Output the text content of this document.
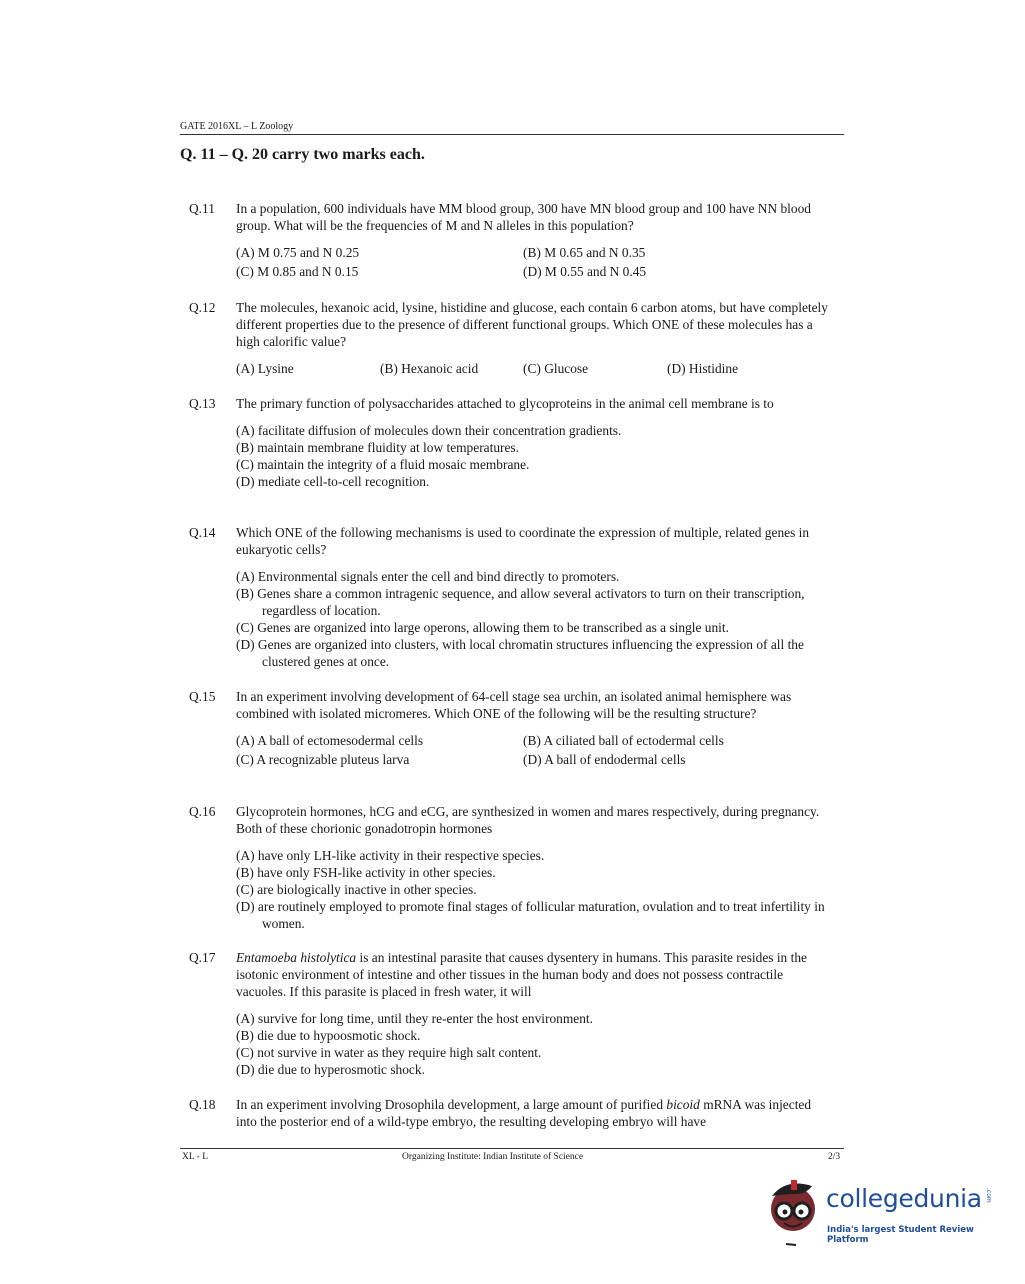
GATE 2016XL – L Zoology
Q. 11 – Q. 20 carry two marks each.
Q.11	In a population, 600 individuals have MM blood group, 300 have MN blood group and 100 have NN blood group. What will be the frequencies of M and N alleles in this population?

(A) M 0.75 and N 0.25	(B) M 0.65 and N 0.35
(C) M 0.85 and N 0.15	(D) M 0.55 and N 0.45
Q.12	The molecules, hexanoic acid, lysine, histidine and glucose, each contain 6 carbon atoms, but have completely different properties due to the presence of different functional groups. Which ONE of these molecules has a high calorific value?

(A) Lysine	(B) Hexanoic acid	(C) Glucose	(D) Histidine
Q.13	The primary function of polysaccharides attached to glycoproteins in the animal cell membrane is to

(A) facilitate diffusion of molecules down their concentration gradients.
(B) maintain membrane fluidity at low temperatures.
(C) maintain the integrity of a fluid mosaic membrane.
(D) mediate cell-to-cell recognition.
Q.14	Which ONE of the following mechanisms is used to coordinate the expression of multiple, related genes in eukaryotic cells?

(A) Environmental signals enter the cell and bind directly to promoters.
(B) Genes share a common intragenic sequence, and allow several activators to turn on their transcription, regardless of location.
(C) Genes are organized into large operons, allowing them to be transcribed as a single unit.
(D) Genes are organized into clusters, with local chromatin structures influencing the expression of all the clustered genes at once.
Q.15	In an experiment involving development of 64-cell stage sea urchin, an isolated animal hemisphere was combined with isolated micromeres. Which ONE of the following will be the resulting structure?

(A) A ball of ectomesodermal cells	(B) A ciliated ball of ectodermal cells
(C) A recognizable pluteus larva	(D) A ball of endodermal cells
Q.16	Glycoprotein hormones, hCG and eCG, are synthesized in women and mares respectively, during pregnancy. Both of these chorionic gonadotropin hormones

(A) have only LH-like activity in their respective species.
(B) have only FSH-like activity in other species.
(C) are biologically inactive in other species.
(D) are routinely employed to promote final stages of follicular maturation, ovulation and to treat infertility in women.
Q.17	Entamoeba histolytica is an intestinal parasite that causes dysentery in humans. This parasite resides in the isotonic environment of intestine and other tissues in the human body and does not possess contractile vacuoles. If this parasite is placed in fresh water, it will

(A) survive for long time, until they re-enter the host environment.
(B) die due to hypoosmotic shock.
(C) not survive in water as they require high salt content.
(D) die due to hyperosmotic shock.
Q.18	In an experiment involving Drosophila development, a large amount of purified bicoid mRNA was injected into the posterior end of a wild-type embryo, the resulting developing embryo will have

XL - L	Organizing Institute: Indian Institute of Science	2/3
collegedunia .com
India's largest Student Review Platform
